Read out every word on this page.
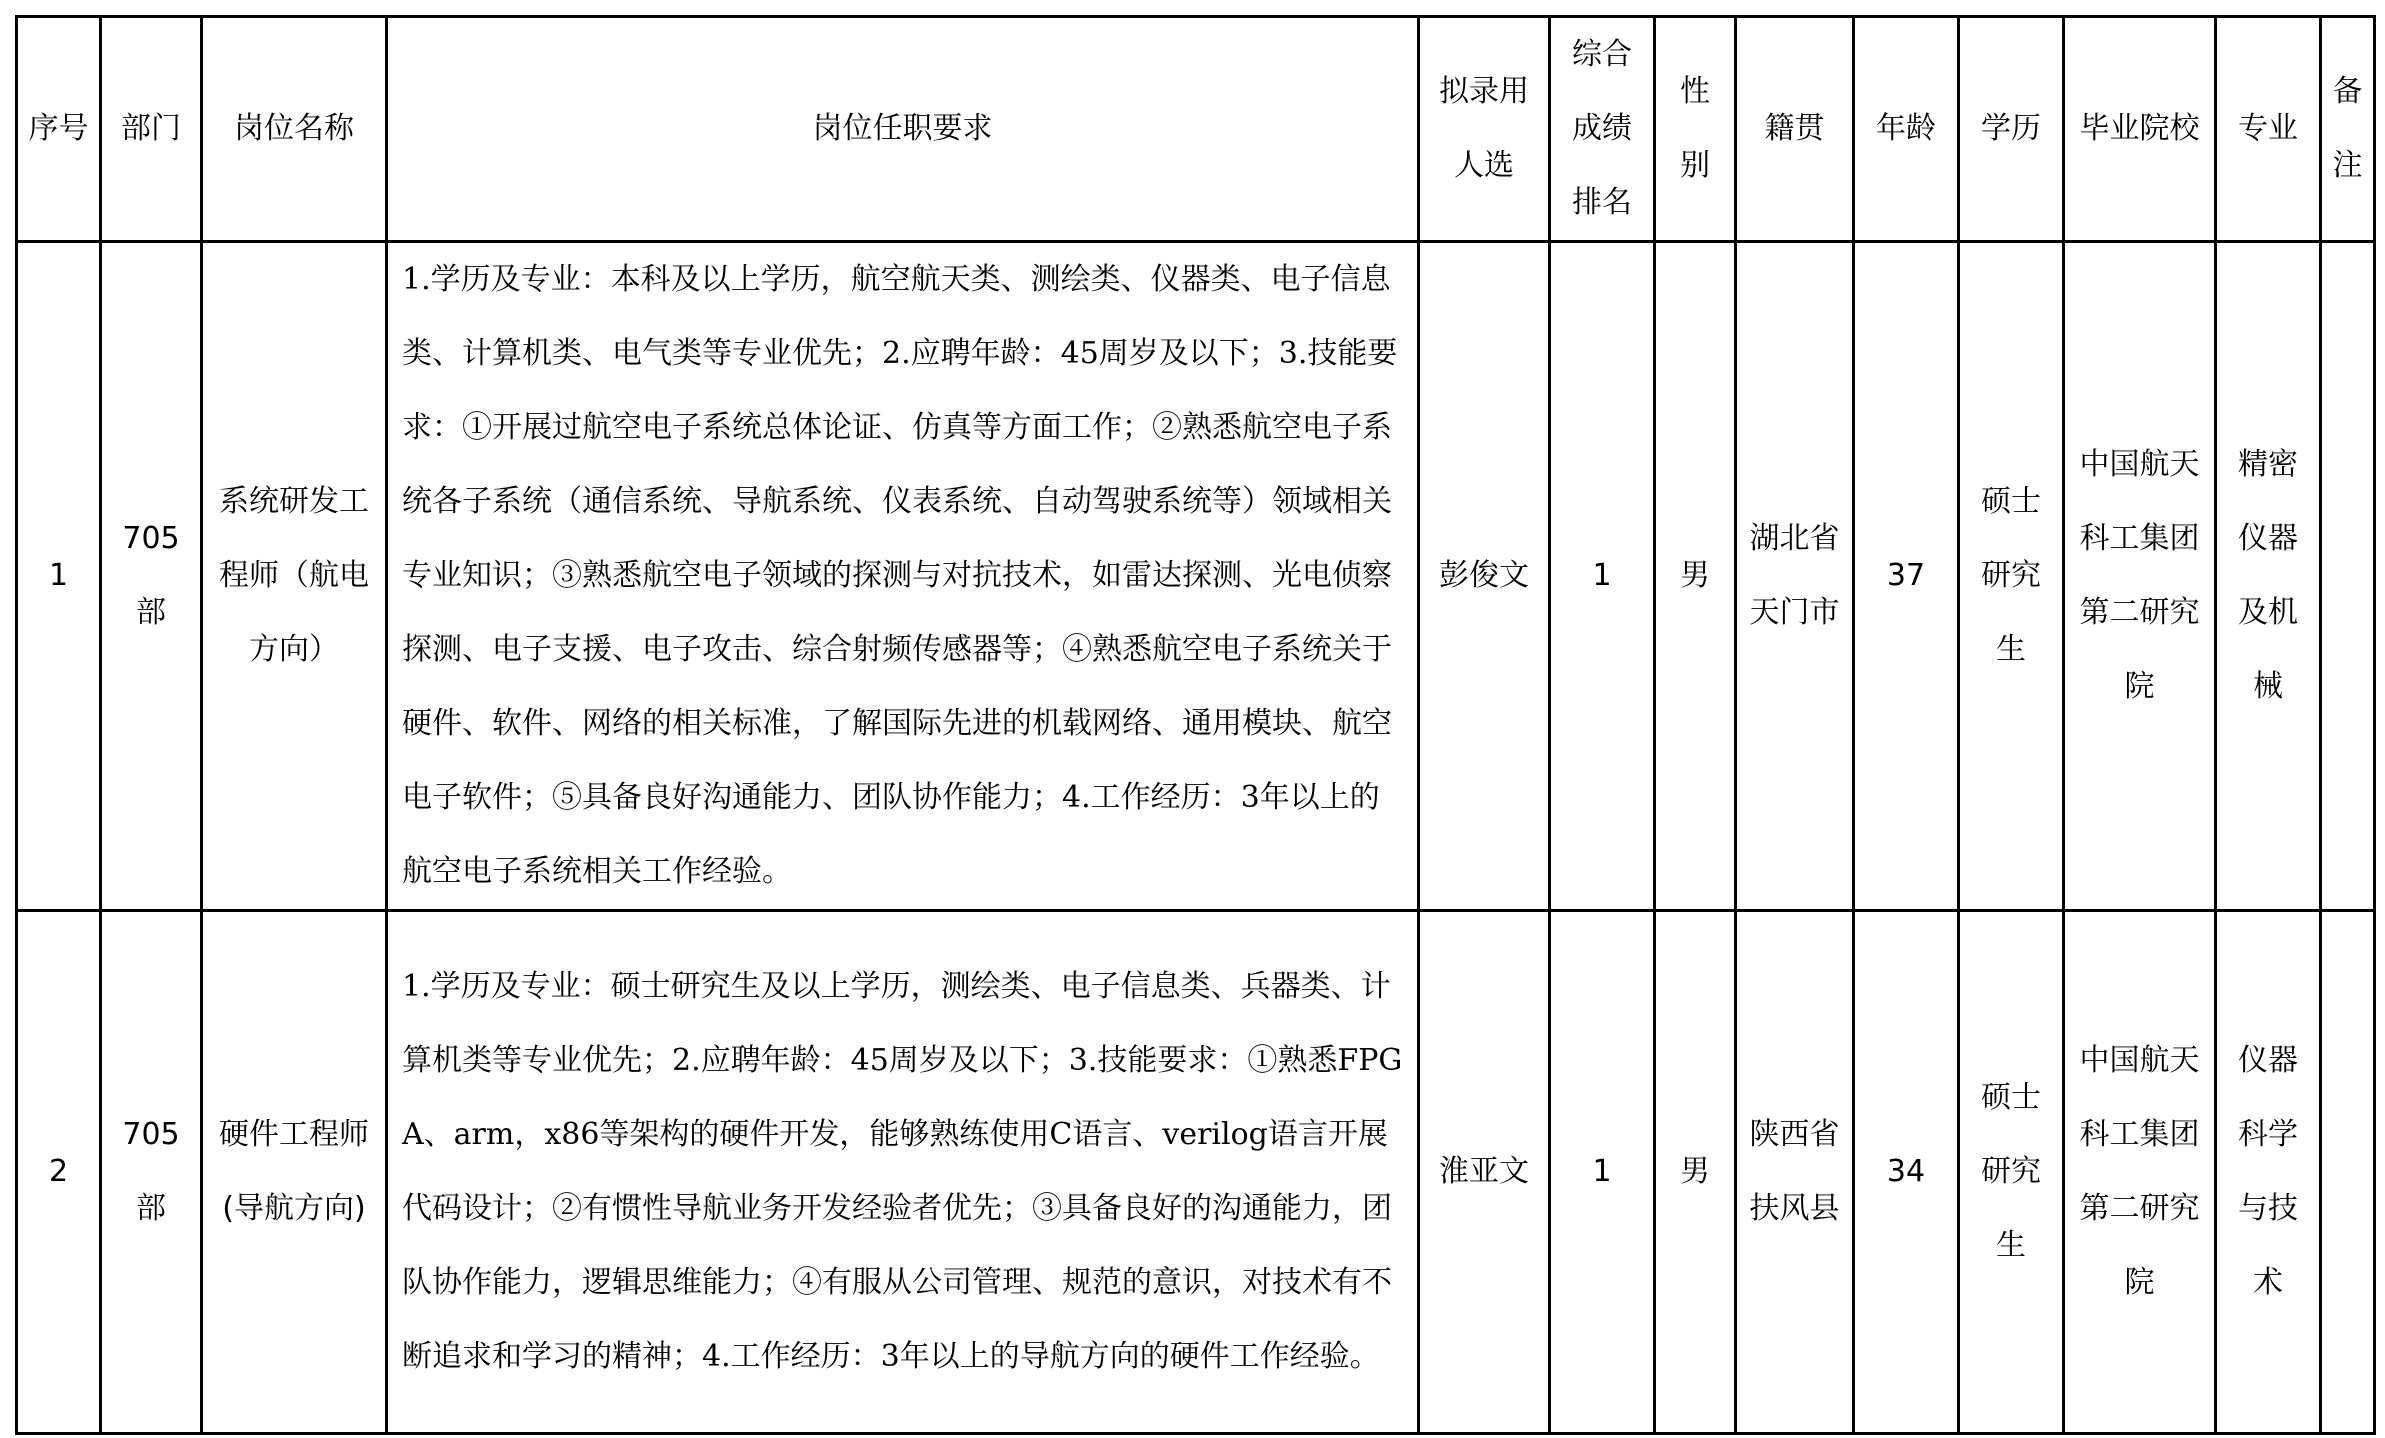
序号	部门	岗位名称	岗位任职要求	拟录用人选	综合成绩排名	性别	籍贯	年龄	学历	毕业院校	专业	备注
1	705部	系统研发工程师（航电方向）	1.学历及专业：本科及以上学历，航空航天类、测绘类、仪器类、电子信息类、计算机类、电气类等专业优先；2.应聘年龄：45周岁及以下；3.技能要求：①开展过航空电子系统总体论证、仿真等方面工作；②熟悉航空电子系统各子系统（通信系统、导航系统、仪表系统、自动驾驶系统等）领域相关专业知识；③熟悉航空电子领域的探测与对抗技术，如雷达探测、光电侦察探测、电子支援、电子攻击、综合射频传感器等；④熟悉航空电子系统关于硬件、软件、网络的相关标准，了解国际先进的机载网络、通用模块、航空电子软件；⑤具备良好沟通能力、团队协作能力；4.工作经历：3年以上的航空电子系统相关工作经验。	彭俊文	1	男	湖北省天门市	37	硕士研究生	中国航天科工集团第二研究院	精密仪器及机械	
2	705部	硬件工程师(导航方向)	1.学历及专业：硕士研究生及以上学历，测绘类、电子信息类、兵器类、计算机类等专业优先；2.应聘年龄：45周岁及以下；3.技能要求：①熟悉FPGA、arm，x86等架构的硬件开发，能够熟练使用C语言、verilog语言开展代码设计；②有惯性导航业务开发经验者优先；③具备良好的沟通能力，团队协作能力，逻辑思维能力；④有服从公司管理、规范的意识，对技术有不断追求和学习的精神；4.工作经历：3年以上的导航方向的硬件工作经验。	淮亚文	1	男	陕西省扶风县	34	硕士研究生	中国航天科工集团第二研究院	仪器科学与技术	
